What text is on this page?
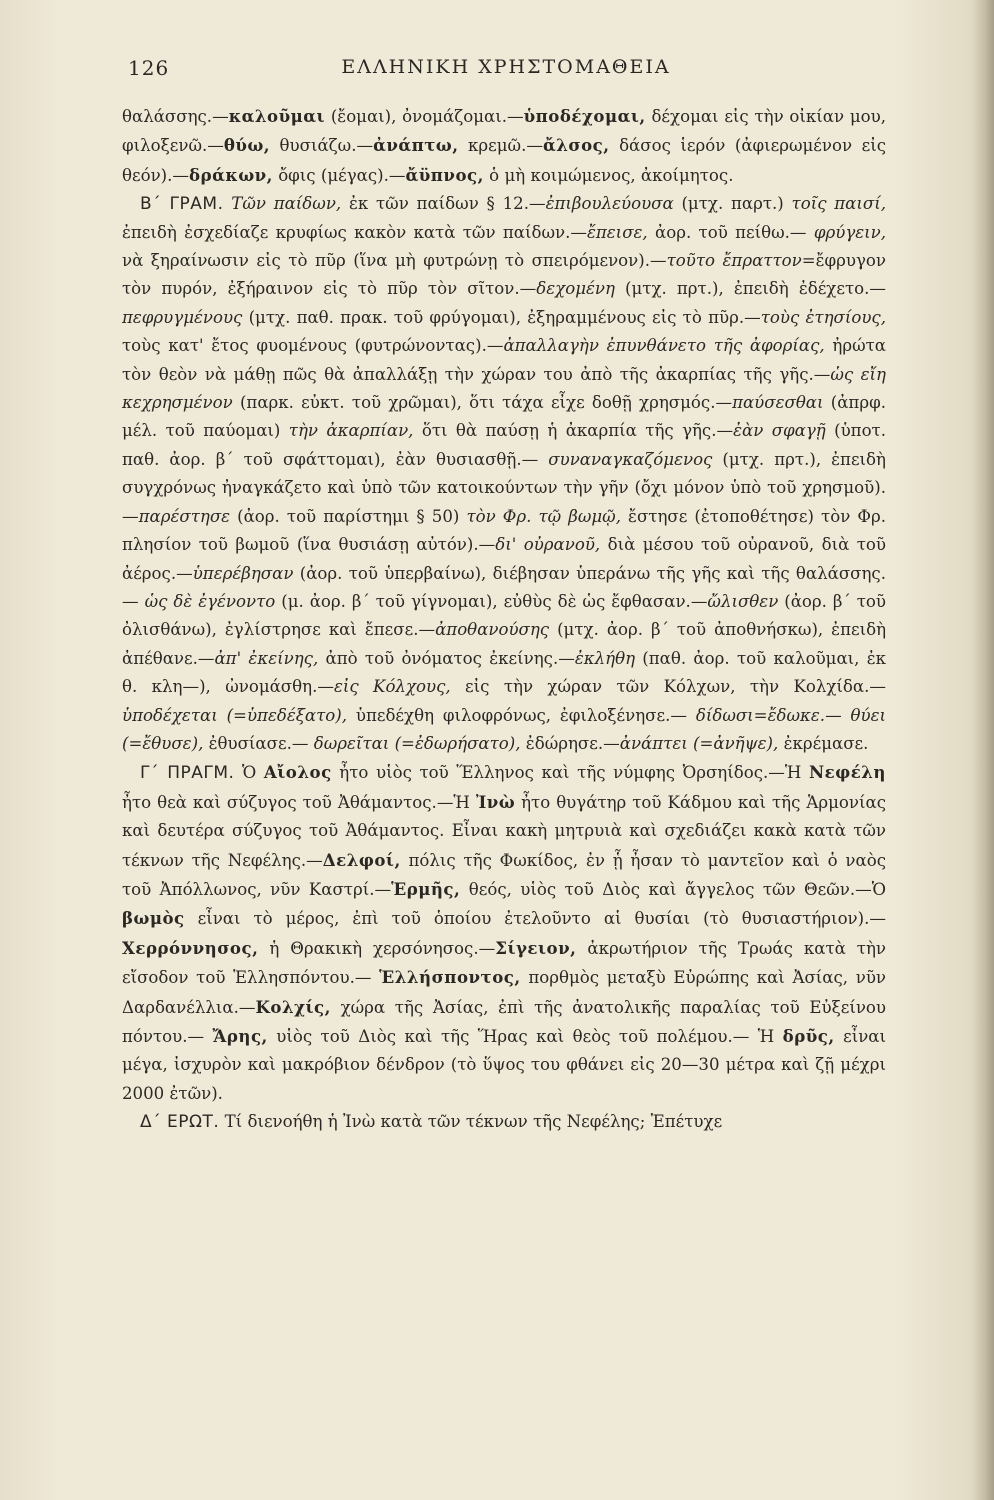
126	ΕΛΛΗΝΙΚΗ ΧΡΗΣΤΟΜΑΘΕΙΑ

θαλάσσης.—καλοῦμαι (ἔομαι), ὀνομάζομαι.—ὑποδέχομαι, δέχομαι εἰς τὴν οἰκίαν μου, φιλοξενῶ.—θύω, θυσιάζω.—ἀνάπτω, κρεμῶ.—ἄλσος, δάσος ἱερόν (ἀφιερωμένον εἰς θεόν).—δράκων, ὄφις (μέγας).—ἄϋπνος, ὁ μὴ κοιμώμενος, ἀκοίμητος.

Β΄ ΓΡΑΜ. Τῶν παίδων, ἐκ τῶν παίδων § 12.—ἐπιβουλεύουσα (μτχ. παρτ.) τοῖς παισί, ἐπειδὴ ἐσχεδίαζε κρυφίως κακὸν κατὰ τῶν παίδων.—ἔπεισε, ἀορ. τοῦ πείθω.— φρύγειν, νὰ ξηραίνωσιν εἰς τὸ πῦρ (ἵνα μὴ φυτρώνῃ τὸ σπειρόμενον).—τοῦτο ἔπραττον=ἔφρυγον τὸν πυρόν, ἐξήραινον εἰς τὸ πῦρ τὸν σῖτον.—δεχομένη (μτχ. πρτ.), ἐπειδὴ ἐδέχετο.—πεφρυγμένους (μτχ. παθ. πρακ. τοῦ φρύγομαι), ἐξηραμμένους εἰς τὸ πῦρ.—τοὺς ἐτησίους, τοὺς κατ' ἔτος φυομένους (φυτρώνοντας).—ἀπαλλαγὴν ἐπυνθάνετο τῆς ἀφορίας, ἠρώτα τὸν θεὸν νὰ μάθῃ πῶς θὰ ἀπαλλάξῃ τὴν χώραν του ἀπὸ τῆς ἀκαρπίας τῆς γῆς.—ὡς εἴη κεχρησμένον (παρκ. εὐκτ. τοῦ χρῶμαι), ὅτι τάχα εἶχε δοθῇ χρησμός.—παύσεσθαι (ἀπρφ. μέλ. τοῦ παύομαι) τὴν ἀκαρπίαν, ὅτι θὰ παύσῃ ἡ ἀκαρπία τῆς γῆς.—ἐὰν σφαγῇ (ὑποτ. παθ. ἀορ. β΄ τοῦ σφάττομαι), ἐὰν θυσιασθῇ.— συναναγκαζόμενος (μτχ. πρτ.), ἐπειδὴ συγχρόνως ἠναγκάζετο καὶ ὑπὸ τῶν κατοικούντων τὴν γῆν (ὄχι μόνον ὑπὸ τοῦ χρησμοῦ).—παρέστησε (ἀορ. τοῦ παρίστημι § 50) τὸν Φρ. τῷ βωμῷ, ἔστησε (ἐτοποθέτησε) τὸν Φρ. πλησίον τοῦ βωμοῦ (ἵνα θυσιάσῃ αὐτόν).—δι' οὐρανοῦ, διὰ μέσου τοῦ οὐρανοῦ, διὰ τοῦ ἀέρος.—ὑπερέβησαν (ἀορ. τοῦ ὑπερβαίνω), διέβησαν ὑπεράνω τῆς γῆς καὶ τῆς θαλάσσης.— ὡς δὲ ἐγένοντο (μ. ἀορ. β΄ τοῦ γίγνομαι), εὐθὺς δὲ ὡς ἔφθασαν.—ὤλισθεν (ἀορ. β΄ τοῦ ὀλισθάνω), ἐγλίστρησε καὶ ἔπεσε.—ἀποθανούσης (μτχ. ἀορ. β΄ τοῦ ἀποθνήσκω), ἐπειδὴ ἀπέθανε.—ἀπ' ἐκείνης, ἀπὸ τοῦ ὀνόματος ἐκείνης.—ἐκλήθη (παθ. ἀορ. τοῦ καλοῦμαι, ἐκ θ. κλη—), ὠνομάσθη.—εἰς Κόλχους, εἰς τὴν χώραν τῶν Κόλχων, τὴν Κολχίδα.—ὑποδέχεται (=ὑπεδέξατο), ὑπεδέχθη φιλοφρόνως, ἐφιλοξένησε.— δίδωσι=ἔδωκε.— θύει (=ἔθυσε), ἐθυσίασε.— δωρεῖται (=ἐδωρήσατο), ἐδώρησε.—ἀνάπτει (=ἀνῆψε), ἐκρέμασε.

Γ΄ ΠΡΑΓΜ. Ὁ Αἴολος ἦτο υἱὸς τοῦ Ἕλληνος καὶ τῆς νύμφης Ὀρσηίδος.—Ἡ Νεφέλη ἦτο θεὰ καὶ σύζυγος τοῦ Ἀθάμαντος.—Ἡ Ἰνὼ ἦτο θυγάτηρ τοῦ Κάδμου καὶ τῆς Ἁρμονίας καὶ δευτέρα σύζυγος τοῦ Ἀθάμαντος. Εἶναι κακὴ μητρυιὰ καὶ σχεδιάζει κακὰ κατὰ τῶν τέκνων τῆς Νεφέλης.—Δελφοί, πόλις τῆς Φωκίδος, ἐν ᾗ ἦσαν τὸ μαντεῖον καὶ ὁ ναὸς τοῦ Ἀπόλλωνος, νῦν Καστρί.—Ἑρμῆς, θεός, υἱὸς τοῦ Διὸς καὶ ἄγγελος τῶν Θεῶν.—Ὁ βωμὸς εἶναι τὸ μέρος, ἐπὶ τοῦ ὁποίου ἐτελοῦντο αἱ θυσίαι (τὸ θυσιαστήριον).— Χερρόννησος, ἡ Θρακικὴ χερσόνησος.—Σίγειον, ἀκρωτήριον τῆς Τρωάς κατὰ τὴν εἴσοδον τοῦ Ἑλλησπόντου.— Ἑλλήσποντος, πορθμὸς μεταξὺ Εὐρώπης καὶ Ἀσίας, νῦν Δαρδανέλλια.—Κολχίς, χώρα τῆς Ἀσίας, ἐπὶ τῆς ἀνατολικῆς παραλίας τοῦ Εὐξείνου πόντου.— Ἄρης, υἱὸς τοῦ Διὸς καὶ τῆς Ἥρας καὶ θεὸς τοῦ πολέμου.— Ἡ δρῦς, εἶναι μέγα, ἰσχυρὸν καὶ μακρόβιον δένδρον (τὸ ὕψος του φθάνει εἰς 20—30 μέτρα καὶ ζῇ μέχρι 2000 ἐτῶν).

Δ΄ ΕΡΩΤ. Τί διενοήθη ἡ Ἰνὼ κατὰ τῶν τέκνων τῆς Νεφέλης; Ἐπέτυχε
